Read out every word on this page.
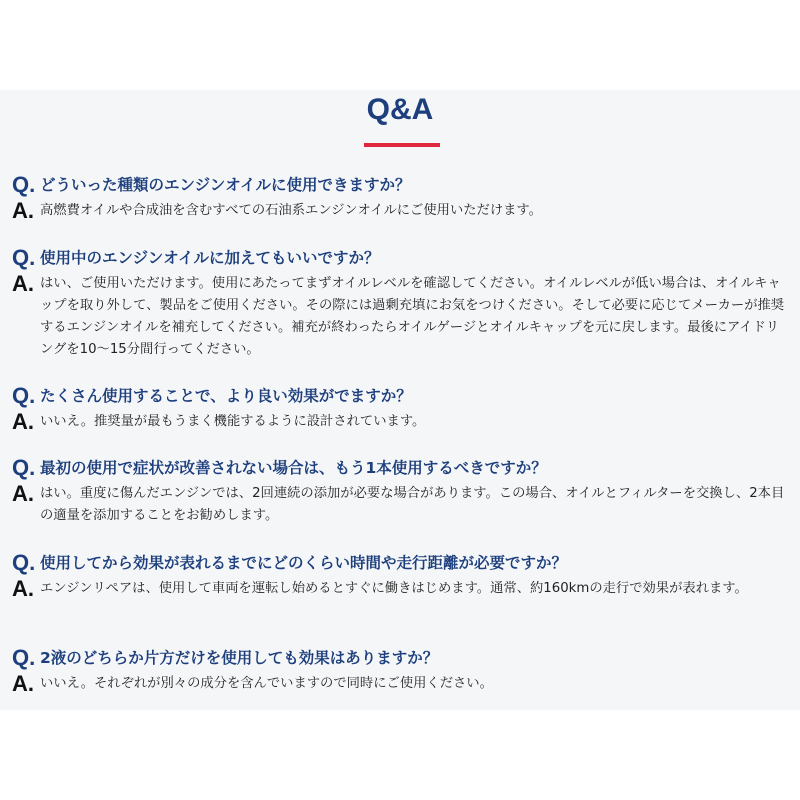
Q&A
Q. どういった種類のエンジンオイルに使用できますか？
A. 高燃費オイルや合成油を含むすべての石油系エンジンオイルにご使用いただけます。
Q. 使用中のエンジンオイルに加えてもいいですか？
A. はい、ご使用いただけます。使用にあたってまずオイルレベルを確認してください。オイルレベルが低い場合は、オイルキャップを取り外して、製品をご使用ください。その際には過剰充填にお気をつけください。そして必要に応じてメーカーが推奨するエンジンオイルを補充してください。補充が終わったらオイルゲージとオイルキャップを元に戻します。最後にアイドリングを10〜15分間行ってください。
Q. たくさん使用することで、より良い効果がでますか？
A. いいえ。推奨量が最もうまく機能するように設計されています。
Q. 最初の使用で症状が改善されない場合は、もう1本使用するべきですか？
A. はい。重度に傷んだエンジンでは、2回連続の添加が必要な場合があります。この場合、オイルとフィルターを交換し、2本目の適量を添加することをお勧めします。
Q. 使用してから効果が表れるまでにどのくらい時間や走行距離が必要ですか？
A. エンジンリペアは、使用して車両を運転し始めるとすぐに働きはじめます。通常、約160kmの走行で効果が表れます。
Q. 2液のどちらか片方だけを使用しても効果はありますか？
A. いいえ。それぞれが別々の成分を含んでいますので同時にご使用ください。
